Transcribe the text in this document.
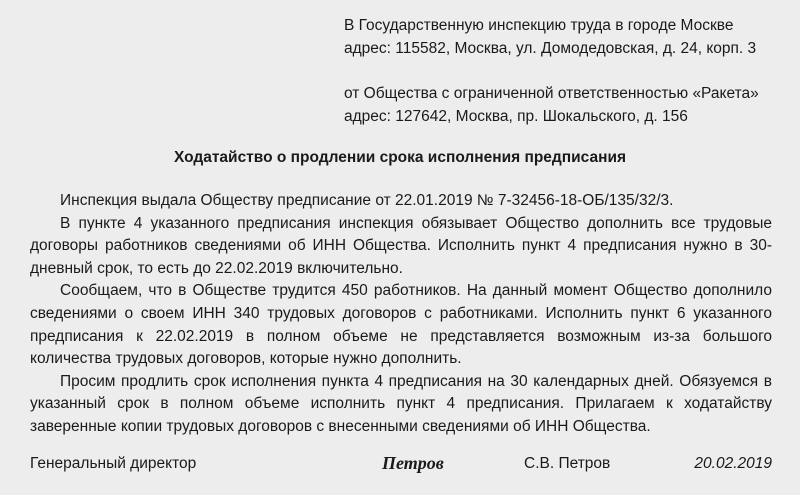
В Государственную инспекцию труда в городе Москве
адрес: 115582, Москва, ул. Домодедовская, д. 24, корп. 3
от Общества с ограниченной ответственностью «Ракета»
адрес: 127642, Москва, пр. Шокальского, д. 156
Ходатайство о продлении срока исполнения предписания

Инспекция выдала Обществу предписание от 22.01.2019 № 7-32456-18-ОБ/135/32/3.

В пункте 4 указанного предписания инспекция обязывает Общество дополнить все трудовые договоры работников сведениями об ИНН Общества. Исполнить пункт 4 предписания нужно в 30-дневный срок, то есть до 22.02.2019 включительно.

Сообщаем, что в Обществе трудится 450 работников. На данный момент Общество дополнило сведениями о своем ИНН 340 трудовых договоров с работниками. Исполнить пункт 6 указанного предписания к 22.02.2019 в полном объеме не представляется возможным из-за большого количества трудовых договоров, которые нужно дополнить.

Просим продлить срок исполнения пункта 4 предписания на 30 календарных дней. Обязуемся в указанный срок в полном объеме исполнить пункт 4 предписания. Прилагаем к ходатайству заверенные копии трудовых договоров с внесенными сведениями об ИНН Общества.

Генеральный директор	Петров	С.В. Петров	20.02.2019
